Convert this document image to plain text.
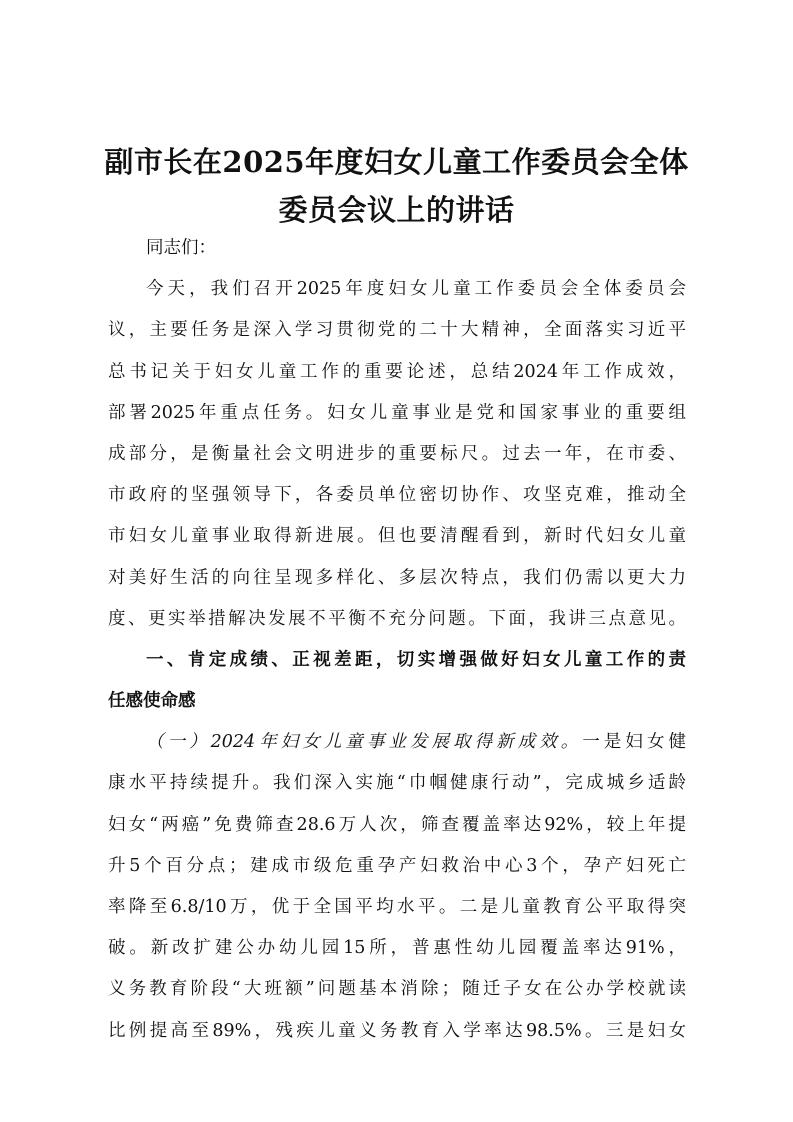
副市长在2025年度妇女儿童工作委员会全体
委员会议上的讲话
同志们：
今天，我们召开2025年度妇女儿童工作委员会全体委员会
议，主要任务是深入学习贯彻党的二十大精神，全面落实习近平
总书记关于妇女儿童工作的重要论述，总结2024年工作成效，
部署2025年重点任务。妇女儿童事业是党和国家事业的重要组
成部分，是衡量社会文明进步的重要标尺。过去一年，在市委、
市政府的坚强领导下，各委员单位密切协作、攻坚克难，推动全
市妇女儿童事业取得新进展。但也要清醒看到，新时代妇女儿童
对美好生活的向往呈现多样化、多层次特点，我们仍需以更大力
度、更实举措解决发展不平衡不充分问题。下面，我讲三点意见。
一、肯定成绩、正视差距，切实增强做好妇女儿童工作的责
任感使命感
（一）2024年妇女儿童事业发展取得新成效。一是妇女健
康水平持续提升。我们深入实施“巾帼健康行动”，完成城乡适龄
妇女“两癌”免费筛查28.6万人次，筛查覆盖率达92%，较上年提
升5个百分点；建成市级危重孕产妇救治中心3个，孕产妇死亡
率降至6.8/10万，优于全国平均水平。二是儿童教育公平取得突
破。新改扩建公办幼儿园15所，普惠性幼儿园覆盖率达91%，
义务教育阶段“大班额”问题基本消除；随迁子女在公办学校就读
比例提高至89%，残疾儿童义务教育入学率达98.5%。三是妇女
